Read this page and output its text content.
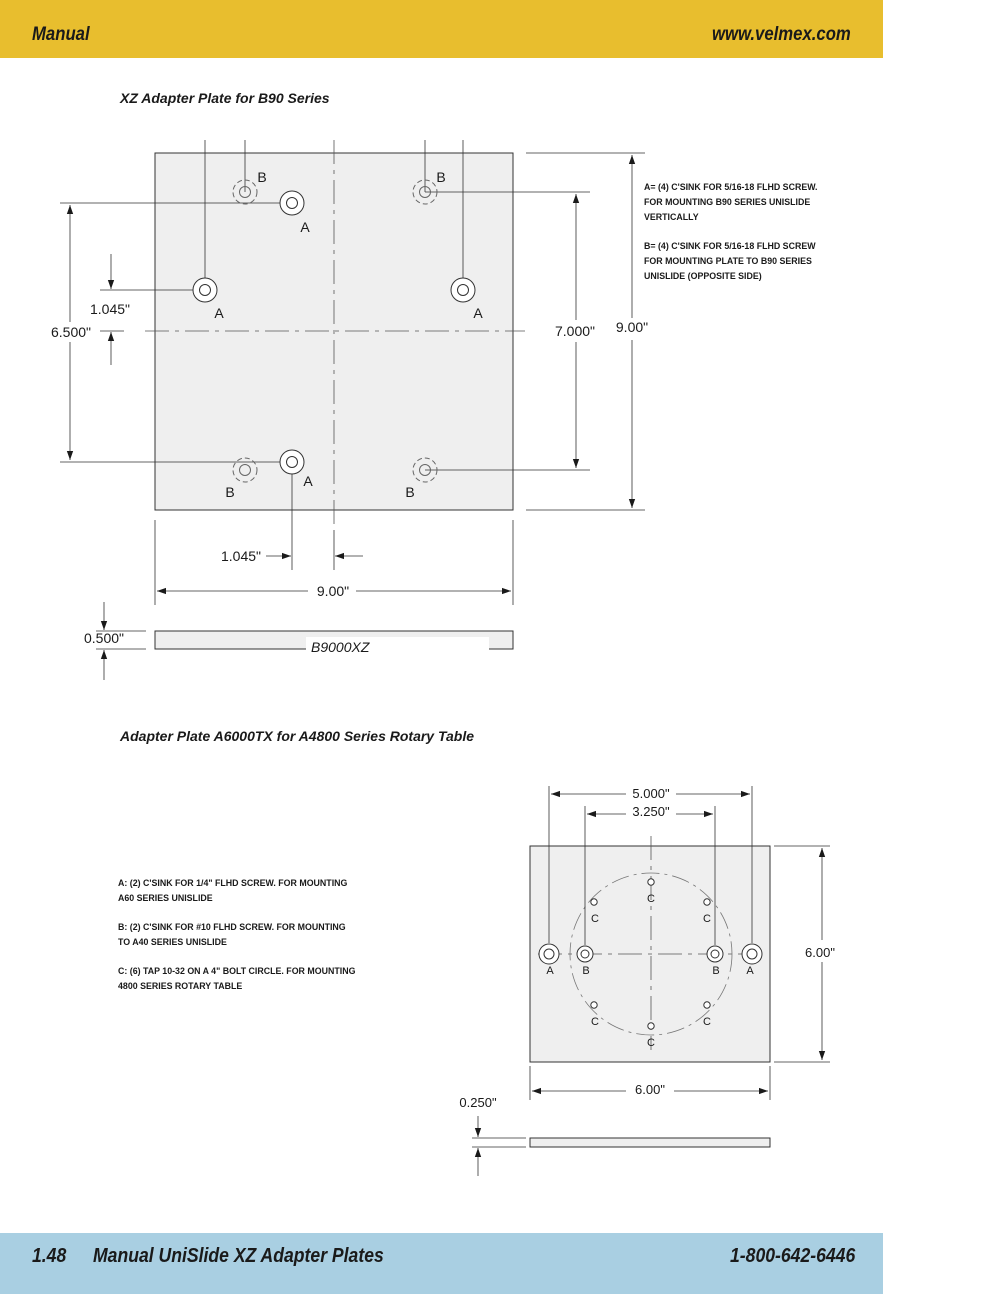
Manual	www.velmex.com
XZ Adapter Plate for B90 Series
Adapter Plate A6000TX for A4800 Series Rotary Table

A= (4) C'SINK FOR 5/16-18 FLHD SCREW.

FOR MOUNTING B90 SERIES UNISLIDE

VERTICALLY

B= (4) C'SINK FOR 5/16-18 FLHD SCREW

FOR MOUNTING PLATE TO B90 SERIES

UNISLIDE (OPPOSITE SIDE)

A: (2) C'SINK FOR 1/4" FLHD SCREW. FOR MOUNTING

A60 SERIES UNISLIDE

B: (2) C'SINK FOR #10 FLHD SCREW. FOR MOUNTING

TO A40 SERIES UNISLIDE

C: (6) TAP 10-32 ON A 4" BOLT CIRCLE. FOR MOUNTING

4800 SERIES ROTARY TABLE

B	B
A
A	A
A
B	B
6.500"
1.045"
7.000" 9.00"
1.045"
9.00"
B9000XZ
0.500"
C
C	C
A	B	B A
C	C
C
5.000"
3.250"
6.00"
6.00"
0.250"
1.48 Manual UniSlide XZ Adapter Plates	1-800-642-6446
